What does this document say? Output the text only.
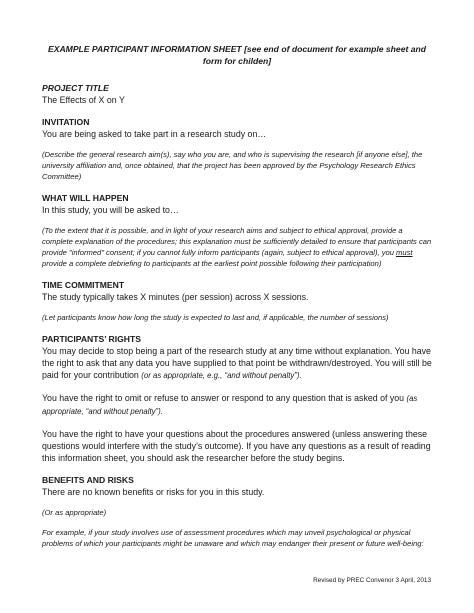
EXAMPLE PARTICIPANT INFORMATION SHEET [see end of document for example sheet and form for childen]
PROJECT TITLE

The Effects of X on Y

INVITATION

You are being asked to take part in a research study on…

(Describe the general research aim(s), say who you are, and who is supervising the research [if anyone else], the university affiliation and, once obtained, that the project has been approved by the Psychology Research Ethics Committee)

WHAT WILL HAPPEN

In this study, you will be asked to…

(To the extent that it is possible, and in light of your research aims and subject to ethical approval, provide a complete explanation of the procedures; this explanation must be sufficiently detailed to ensure that participants can provide "informed" consent; if you cannot fully inform participants (again, subject to ethical approval), you must provide a complete debriefing to participants at the earliest point possible following their participation)

TIME COMMITMENT

The study typically takes X minutes (per session) across X sessions.

(Let participants know how long the study is expected to last and, if applicable, the number of sessions)

PARTICIPANTS’ RIGHTS

You may decide to stop being a part of the research study at any time without explanation. You have the right to ask that any data you have supplied to that point be withdrawn/destroyed. You will still be paid for your contribution (or as appropriate, e.g., “and without penalty”).

You have the right to omit or refuse to answer or respond to any question that is asked of you (as appropriate, “and without penalty”).

You have the right to have your questions about the procedures answered (unless answering these questions would interfere with the study’s outcome). If you have any questions as a result of reading this information sheet, you should ask the researcher before the study begins.

BENEFITS AND RISKS

There are no known benefits or risks for you in this study.

(Or as appropriate)

For example, if your study involves use of assessment procedures which may unveil psychological or physical problems of which your participants might be unaware and which may endanger their present or future well-being:

Revised by PREC Convenor 3 April, 2013
